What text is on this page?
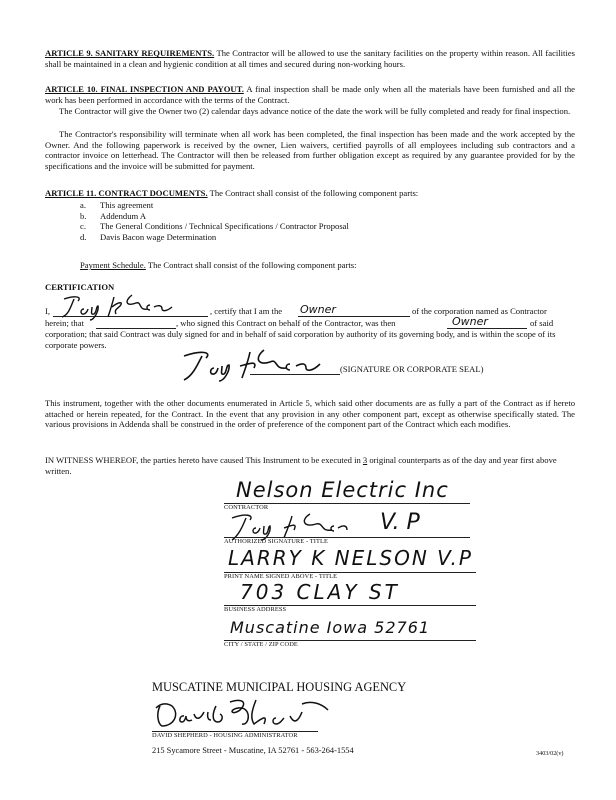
ARTICLE 9. SANITARY REQUIREMENTS. The Contractor will be allowed to use the sanitary facilities on the property within reason. All facilities shall be maintained in a clean and hygienic condition at all times and secured during non-working hours.
ARTICLE 10. FINAL INSPECTION AND PAYOUT. A final inspection shall be made only when all the materials have been furnished and all the work has been performed in accordance with the terms of the Contract.
The Contractor will give the Owner two (2) calendar days advance notice of the date the work will be fully completed and ready for final inspection.
The Contractor's responsibility will terminate when all work has been completed, the final inspection has been made and the work accepted by the Owner. And the following paperwork is received by the owner, Lien waivers, certified payrolls of all employees including sub contractors and a contractor invoice on letterhead. The Contractor will then be released from further obligation except as required by any guarantee provided for by the specifications and the invoice will be submitted for payment.
ARTICLE 11. CONTRACT DOCUMENTS. The Contract shall consist of the following component parts:
a. This agreement
b. Addendum A
c. The General Conditions / Technical Specifications / Contractor Proposal
d. Davis Bacon wage Determination
Payment Schedule. The Contract shall consist of the following component parts:
CERTIFICATION
I,	, certify that I am the Owner	of the corporation named as Contractor
herein; that	, who signed this Contract on behalf of the Contractor, was then	Owner	of said
corporation; that said Contract was duly signed for and in behalf of said corporation by authority of its governing body, and is within the scope of its corporate powers.
(SIGNATURE OR CORPORATE SEAL)
This instrument, together with the other documents enumerated in Article 5, which said other documents are as fully a part of the Contract as if hereto attached or herein repeated, for the Contract. In the event that any provision in any other component part, except as otherwise specifically stated. The various provisions in Addenda shall be construed in the order of preference of the component part of the Contract which each modifies.
IN WITNESS WHEREOF, the parties hereto have caused This Instrument to be executed in 3 original counterparts as of the day and year first above written.
Nelson Electric Inc
CONTRACTOR
V. P
AUTHORIZED SIGNATURE - TITLE
LARRY K NELSON V.P
PRINT NAME SIGNED ABOVE - TITLE
703 CLAY ST
BUSINESS ADDRESS
Muscatine Iowa 52761
CITY / STATE / ZIP CODE
MUSCATINE MUNICIPAL HOUSING AGENCY
DAVID SHEPHERD - HOUSING ADMINISTRATOR
215 Sycamore Street - Muscatine, IA 52761 - 563-264-1554	3403/02(v)
